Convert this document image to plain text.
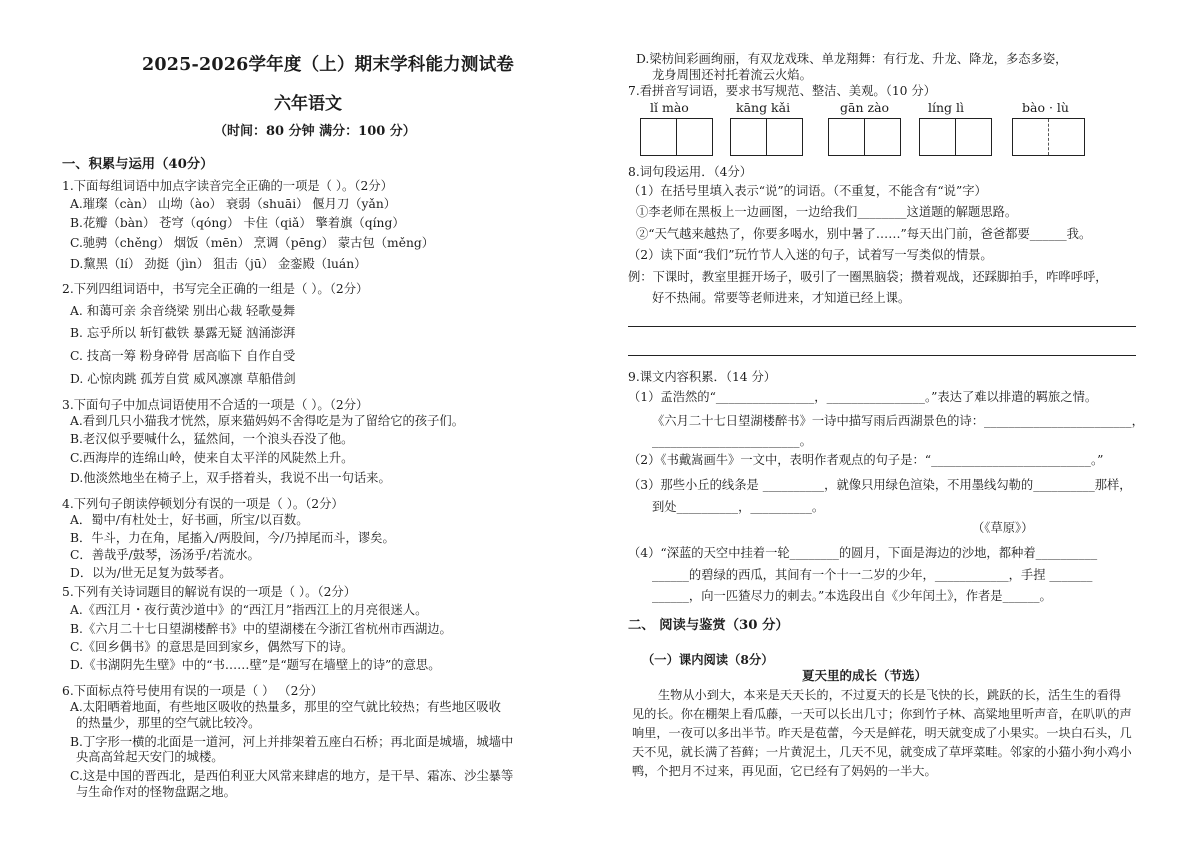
2025-2026学年度（上）期末学科能力测试卷
六年语文
（时间：80 分钟 满分：100 分）
一、积累与运用（40分）
1.下面每组词语中加点字读音完全正确的一项是（ ）。（2分）
A.璀璨（càn） 山坳（ào） 衰弱（shuāi） 偃月刀（yǎn）
B.花瓣（bàn） 苍穹（qóng） 卡住（qiǎ） 擎着旗（qíng）
C.驰骋（chěng） 烟饭（mēn） 烹调（pēng） 蒙古包（měng）
D.黧黑（lí） 劲挺（jìn） 狙击（jū） 金銮殿（luán）
2.下列四组词语中，书写完全正确的一组是（ ）。（2分）
A. 和蔼可亲 余音绕梁 别出心裁 轻歌曼舞
B. 忘乎所以 斩钉截铁 暴露无疑 汹涌澎湃
C. 技高一筹 粉身碎骨 居高临下 自作自受
D. 心惊肉跳 孤芳自赏 威风凛凛 草船借剑
3.下面句子中加点词语使用不合适的一项是（ ）。（2分）
A.看到几只小猫我才恍然，原来猫妈妈不舍得吃是为了留给它的孩子们。
B.老汉似乎要喊什么，猛然间，一个浪头吞没了他。
C.西海岸的连绵山岭，使来自太平洋的风陡然上升。
D.他淡然地坐在椅子上，双手搭着头，我说不出一句话来。
4.下列句子朗读停顿划分有误的一项是（ ）。（2分）
A．蜀中/有杜处士，好书画，所宝/以百数。
B．牛斗，力在角，尾搐入/两股间，今/乃掉尾而斗，谬矣。
C．善哉乎/鼓琴，汤汤乎/若流水。
D．以为/世无足复为鼓琴者。
5.下列有关诗词题目的解说有误的一项是（ ）。（2分）
A.《西江月・夜行黄沙道中》的“西江月”指西江上的月亮很迷人。
B.《六月二十七日望湖楼醉书》中的望湖楼在今浙江省杭州市西湖边。
C.《回乡偶书》的意思是回到家乡，偶然写下的诗。
D.《书湖阴先生壁》中的“书……壁”是“题写在墙壁上的诗”的意思。
6.下面标点符号使用有误的一项是（ ） （2分）
A.太阳晒着地面，有些地区吸收的热量多，那里的空气就比较热；有些地区吸收
的热量少，那里的空气就比较冷。
B.丁字形一横的北面是一道河，河上并排架着五座白石桥；再北面是城墙，城墙中
央高高耸起天安门的城楼。
C.这是中国的晋西北，是西伯利亚大风常来肆虐的地方，是干旱、霜冻、沙尘暴等
与生命作对的怪物盘踞之地。
D.梁枋间彩画绚丽，有双龙戏珠、单龙翔舞：有行龙、升龙、降龙，多态多姿，
龙身周围还衬托着流云火焰。
7.看拼音写词语，要求书写规范、整洁、美观。（10 分）
lǐ mào	kāng kǎi	gān zào	líng lì	bào · lù
8.词句段运用．（4分）
（1）在括号里填入表示“说”的词语。（不重复，不能含有“说”字）
①李老师在黑板上一边画图，一边给我们________这道题的解题思路。
②“天气越来越热了，你要多喝水，别中暑了……”每天出门前，爸爸都要______我。
（2）读下面“我们”玩竹节人入迷的句子，试着写一写类似的情景。
例：下课时，教室里捱开场子，吸引了一圈黑脑袋；攒着观战，还踩脚拍手，咋哗呼呼，
好不热闹。常要等老师进来，才知道已经上课。
9.课文内容积累．（14 分）
（1）孟浩然的“________________，________________。”表达了难以排遣的羁旅之情。
《六月二十七日望湖楼醉书》一诗中描写雨后西湖景色的诗：________________________，
________________________。
（2）《书戴嵩画牛》一文中，表明作者观点的句子是：“__________________________。”
（3）那些小丘的线条是 __________，就像只用绿色渲染，不用墨线勾勒的__________那样，
到处__________，__________。
（《草原》）
（4）“深蓝的天空中挂着一轮________的圆月，下面是海边的沙地，都种着__________
______的碧绿的西瓜，其间有一个十一二岁的少年，____________，手捏 _______
______，向一匹猹尽力的刺去。”本选段出自《少年闰土》，作者是______。
二、 阅读与鉴赏（30 分）
（一）课内阅读（8分）
夏天里的成长（节选）
生物从小到大，本来是天天长的，不过夏天的长是飞快的长，跳跃的长，活生生的看得见的长。你在棚架上看瓜藤，一天可以长出几寸；你到竹子林、高粱地里听声音，在叭叭的声响里，一夜可以多出半节。昨天是苞蕾，今天是鲜花，明天就变成了小果实。一块白石头，几天不见，就长满了苔藓；一片黄泥土，几天不见，就变成了草坪菜畦。邻家的小猫小狗小鸡小鸭，个把月不过来，再见面，它已经有了妈妈的一半大。
